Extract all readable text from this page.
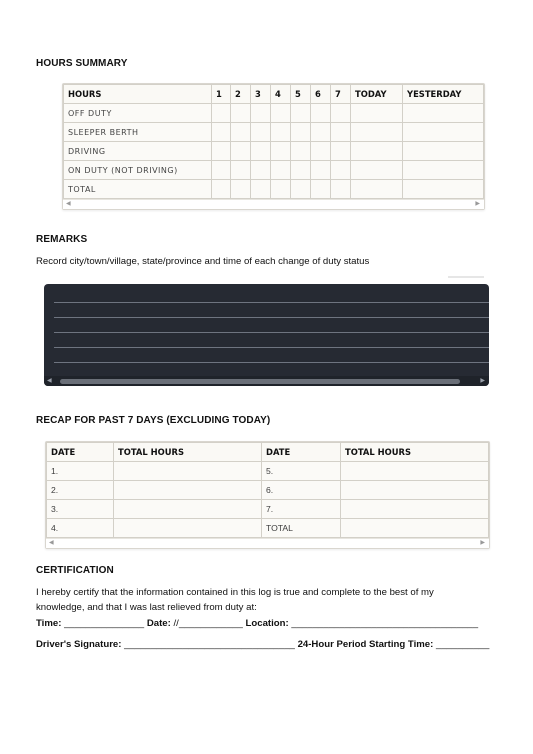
HOURS SUMMARY
HOURS	1	2	3	4	5	6	7	TODAY	YESTERDAY
OFF DUTY									
SLEEPER BERTH									
DRIVING									
ON DUTY (NOT DRIVING)									
TOTAL									
◀	▶
REMARKS
Record city/town/village, state/province and time of each change of duty status
◀	▶
RECAP FOR PAST 7 DAYS (EXCLUDING TODAY)
DATE	TOTAL HOURS	DATE	TOTAL HOURS
1.		5.	
2.		6.	
3.		7.	
4.		TOTAL	
◀	▶
CERTIFICATION
I hereby certify that the information contained in this log is true and complete to the best of my knowledge, and that I was last relieved from duty at:
Time: _______________ Date: //____________ Location: ___________________________________
Driver's Signature: ________________________________ 24-Hour Period Starting Time: __________
